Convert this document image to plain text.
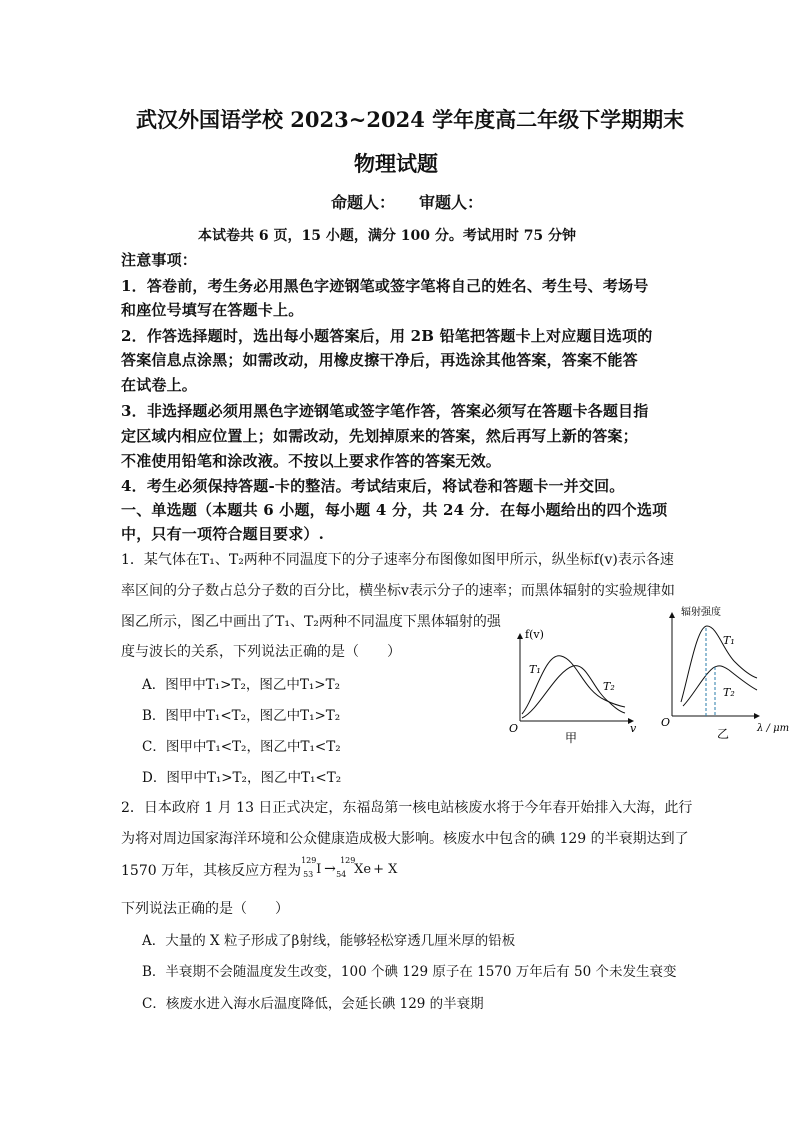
武汉外国语学校 2023~2024 学年度高二年级下学期期末
物理试题
命题人：　　审题人：
本试卷共 6 页，15 小题，满分 100 分。考试用时 75 分钟
注意事项：
1．答卷前，考生务必用黑色字迹钢笔或签字笔将自己的姓名、考生号、考场号
和座位号填写在答题卡上。
2．作答选择题时，选出每小题答案后，用 2B 铅笔把答题卡上对应题目选项的
答案信息点涂黑；如需改动，用橡皮擦干净后，再选涂其他答案，答案不能答
在试卷上。
3．非选择题必须用黑色字迹钢笔或签字笔作答，答案必须写在答题卡各题目指
定区域内相应位置上；如需改动，先划掉原来的答案，然后再写上新的答案；
不准使用铅笔和涂改液。不按以上要求作答的答案无效。
4．考生必须保持答题-卡的整洁。考试结束后，将试卷和答题卡一并交回。
一、单选题（本题共 6 小题，每小题 4 分，共 24 分．在每小题给出的四个选项
中，只有一项符合题目要求）.
1．某气体在T₁、T₂两种不同温度下的分子速率分布图像如图甲所示，纵坐标f(v)表示各速
率区间的分子数占总分子数的百分比，横坐标v表示分子的速率；而黑体辐射的实验规律如
图乙所示，图乙中画出了T₁、T₂两种不同温度下黑体辐射的强
度与波长的关系，下列说法正确的是（　　）
A．图甲中T₁>T₂，图乙中T₁>T₂
B．图甲中T₁<T₂，图乙中T₁>T₂
C．图甲中T₁<T₂，图乙中T₁<T₂
D．图甲中T₁>T₂，图乙中T₁<T₂
f(v)
O	v
T₁
T₂
甲
辐射强度
O	λ / μm
T₁
T₂
乙
2．日本政府 1 月 13 日正式决定，东福岛第一核电站核废水将于今年春开始排入大海，此行
为将对周边国家海洋环境和公众健康造成极大影响。核废水中包含的碘 129 的半衰期达到了
1570 万年，其核反应方程为
129
53 I →
129
54 Xe + X
下列说法正确的是（　　）
A．大量的 X 粒子形成了β射线，能够轻松穿透几厘米厚的铅板
B．半衰期不会随温度发生改变，100 个碘 129 原子在 1570 万年后有 50 个未发生衰变
C．核废水进入海水后温度降低，会延长碘 129 的半衰期
